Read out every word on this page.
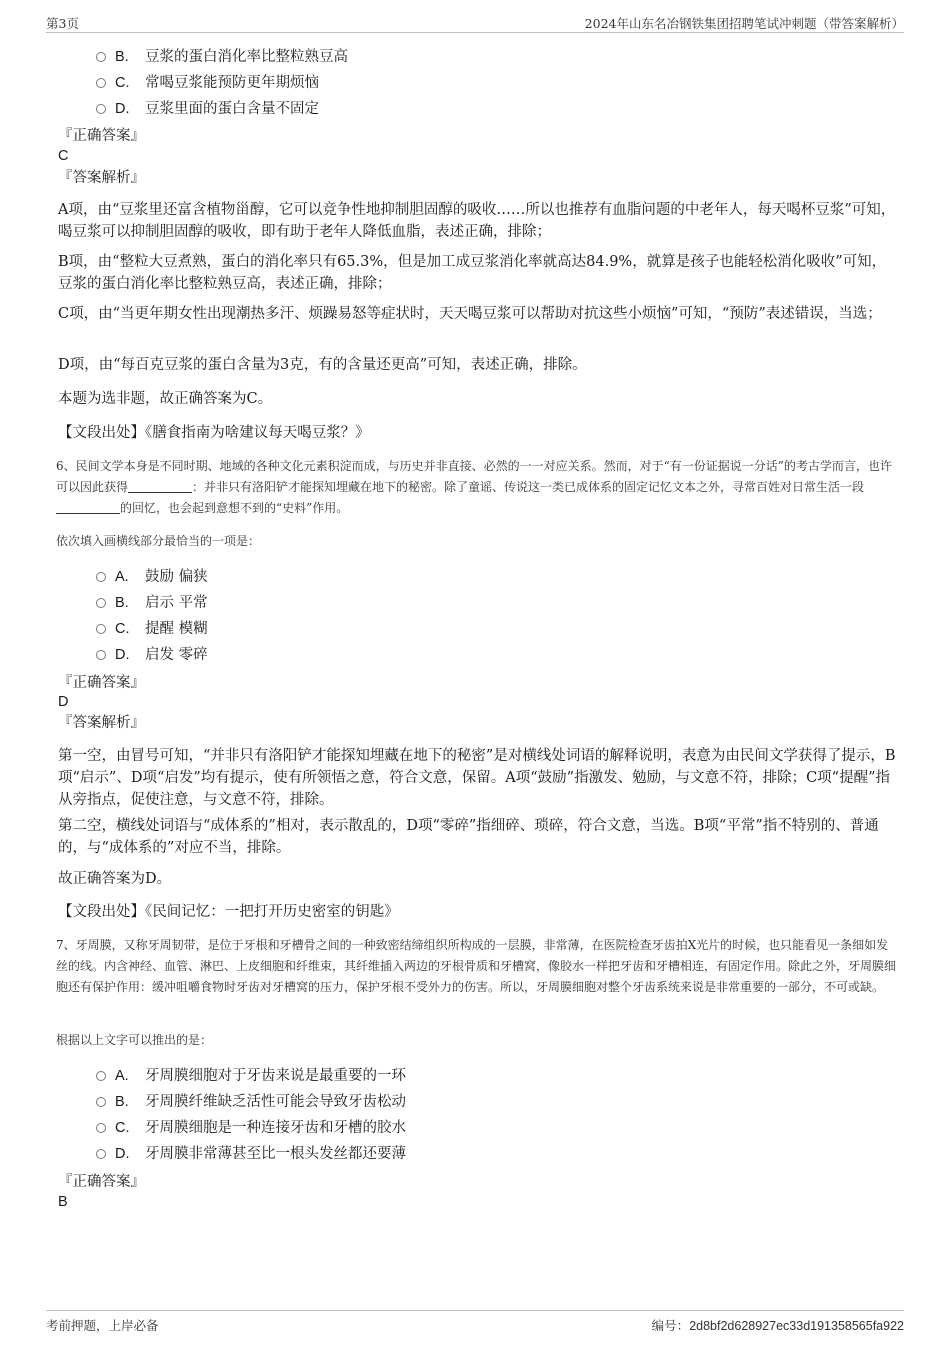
第3页	2024年山东名冶钢铁集团招聘笔试冲刺题（带答案解析）
B. 豆浆的蛋白消化率比整粒熟豆高
C. 常喝豆浆能预防更年期烦恼
D. 豆浆里面的蛋白含量不固定
『正确答案』
C
『答案解析』
A项，由“豆浆里还富含植物甾醇，它可以竞争性地抑制胆固醇的吸收……所以也推荐有血脂问题的中老年人，每天喝杯豆浆”可知，喝豆浆可以抑制胆固醇的吸收，即有助于老年人降低血脂，表述正确，排除；
B项，由“整粒大豆煮熟，蛋白的消化率只有65.3%，但是加工成豆浆消化率就高达84.9%，就算是孩子也能轻松消化吸收”可知，豆浆的蛋白消化率比整粒熟豆高，表述正确，排除；
C项，由“当更年期女性出现潮热多汗、烦躁易怒等症状时，天天喝豆浆可以帮助对抗这些小烦恼”可知，“预防”表述错误，当选；
D项，由“每百克豆浆的蛋白含量为3克，有的含量还更高”可知，表述正确，排除。
本题为选非题，故正确答案为C。
【文段出处】《膳食指南为啥建议每天喝豆浆？》
6、民间文学本身是不同时期、地域的各种文化元素积淀而成，与历史并非直接、必然的一一对应关系。然而，对于“有一份证据说一分话”的考古学而言，也许可以因此获得	：并非只有洛阳铲才能探知埋藏在地下的秘密。除了童谣、传说这一类已成体系的固定记忆文本之外，寻常百姓对日常生活一段的回忆，也会起到意想不到的“史料”作用。
依次填入画横线部分最恰当的一项是：
A. 鼓励 偏狭
B. 启示 平常
C. 提醒 模糊
D. 启发 零碎
『正确答案』
D
『答案解析』
第一空，由冒号可知，“并非只有洛阳铲才能探知埋藏在地下的秘密”是对横线处词语的解释说明，表意为由民间文学获得了提示，B项“启示”、D项“启发”均有提示，使有所领悟之意，符合文意，保留。A项“鼓励”指激发、勉励，与文意不符，排除；C项“提醒”指从旁指点，促使注意，与文意不符，排除。
第二空，横线处词语与“成体系的”相对，表示散乱的，D项“零碎”指细碎、琐碎，符合文意，当选。B项“平常”指不特别的、普通的，与“成体系的”对应不当，排除。
故正确答案为D。
【文段出处】《民间记忆：一把打开历史密室的钥匙》
7、牙周膜，又称牙周韧带，是位于牙根和牙槽骨之间的一种致密结缔组织所构成的一层膜，非常薄，在医院检查牙齿拍X光片的时候，也只能看见一条细如发丝的线。内含神经、血管、淋巴、上皮细胞和纤维束，其纤维插入两边的牙根骨质和牙槽窝，像胶水一样把牙齿和牙槽相连，有固定作用。除此之外，牙周膜细胞还有保护作用：缓冲咀嚼食物时牙齿对牙槽窝的压力，保护牙根不受外力的伤害。所以，牙周膜细胞对整个牙齿系统来说是非常重要的一部分，不可或缺。
根据以上文字可以推出的是：
A. 牙周膜细胞对于牙齿来说是最重要的一环
B. 牙周膜纤维缺乏活性可能会导致牙齿松动
C. 牙周膜细胞是一种连接牙齿和牙槽的胶水
D. 牙周膜非常薄甚至比一根头发丝都还要薄
『正确答案』
B
考前押题，上岸必备	编号：2d8bf2d628927ec33d191358565fa922
